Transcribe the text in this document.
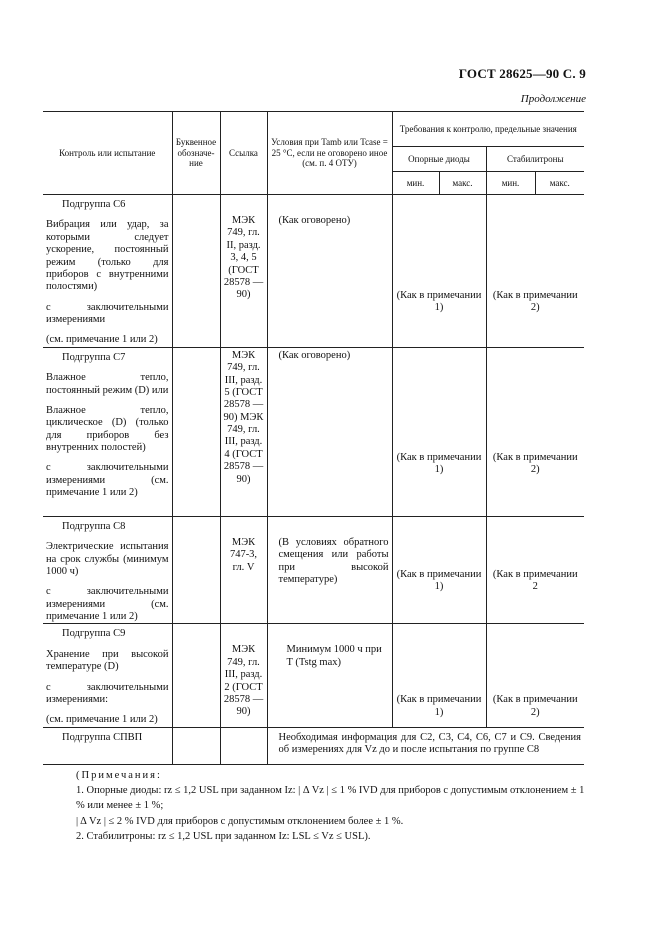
ГОСТ 28625—90 С. 9
Продолжение
Контроль или испытание	Буквенное обозначе-ние	Ссылка	Условия при Tamb или Tcase = 25 °С, если не оговорено иное (см. п. 4 ОТУ)	Требования к контролю, предельные значения			
				Опорные диоды		Стабилитроны	
				мин.	макс.	мин.	макс.

Подгруппа С6
Вибрация или удар, за которыми следует ускорение, постоянный режим (только для приборов с внутренними полостями)
с заключительными измерениями
(см. примечание 1 или 2)		МЭК 749, гл. II, разд. 3, 4, 5 (ГОСТ 28578 —90)	(Как оговорено)	(Как в примечании 1)		(Как в примечании 2)	

Подгруппа С7
Влажное тепло, постоянный режим (D) или
Влажное тепло, циклическое (D) (только для приборов без внутренних полостей)
с заключительными измерениями (см. примечание 1 или 2)		МЭК 749, гл. III, разд. 5 (ГОСТ 28578 —90) МЭК 749, гл. III, разд. 4 (ГОСТ 28578 —90)	(Как оговорено)	(Как в примечании 1)		(Как в примечании 2)	

Подгруппа С8
Электрические испытания на срок службы (минимум 1000 ч)
с заключительными измерениями (см. примечание 1 или 2)		МЭК 747-3, гл. V	(В условиях обратного смещения или работы при высокой температуре)	(Как в примечании 1)		(Как в примечании 2	

Подгруппа С9
Хранение при высокой температуре (D)
с заключительными измерениями:
(см. примечание 1 или 2)		МЭК 749, гл. III, разд. 2 (ГОСТ 28578 —90)	Минимум 1000 ч при T (Tstg max)	(Как в примечании 1)		(Как в примечании 2)	

Подгруппа СПВП			Необходимая информация для С2, С3, С4, С6, С7 и С9. Сведения об измерениях для Vz до и после испытания по группе С8				

(Примечания:

1. Опорные диоды: rz ≤ 1,2 USL при заданном Iz: | Δ Vz | ≤ 1 % IVD для приборов с допустимым отклонением ± 1 % или менее ± 1 %;

| Δ Vz | ≤ 2 % IVD для приборов с допустимым отклонением более ± 1 %.

2. Стабилитроны: rz ≤ 1,2 USL при заданном Iz: LSL ≤ Vz ≤ USL).
